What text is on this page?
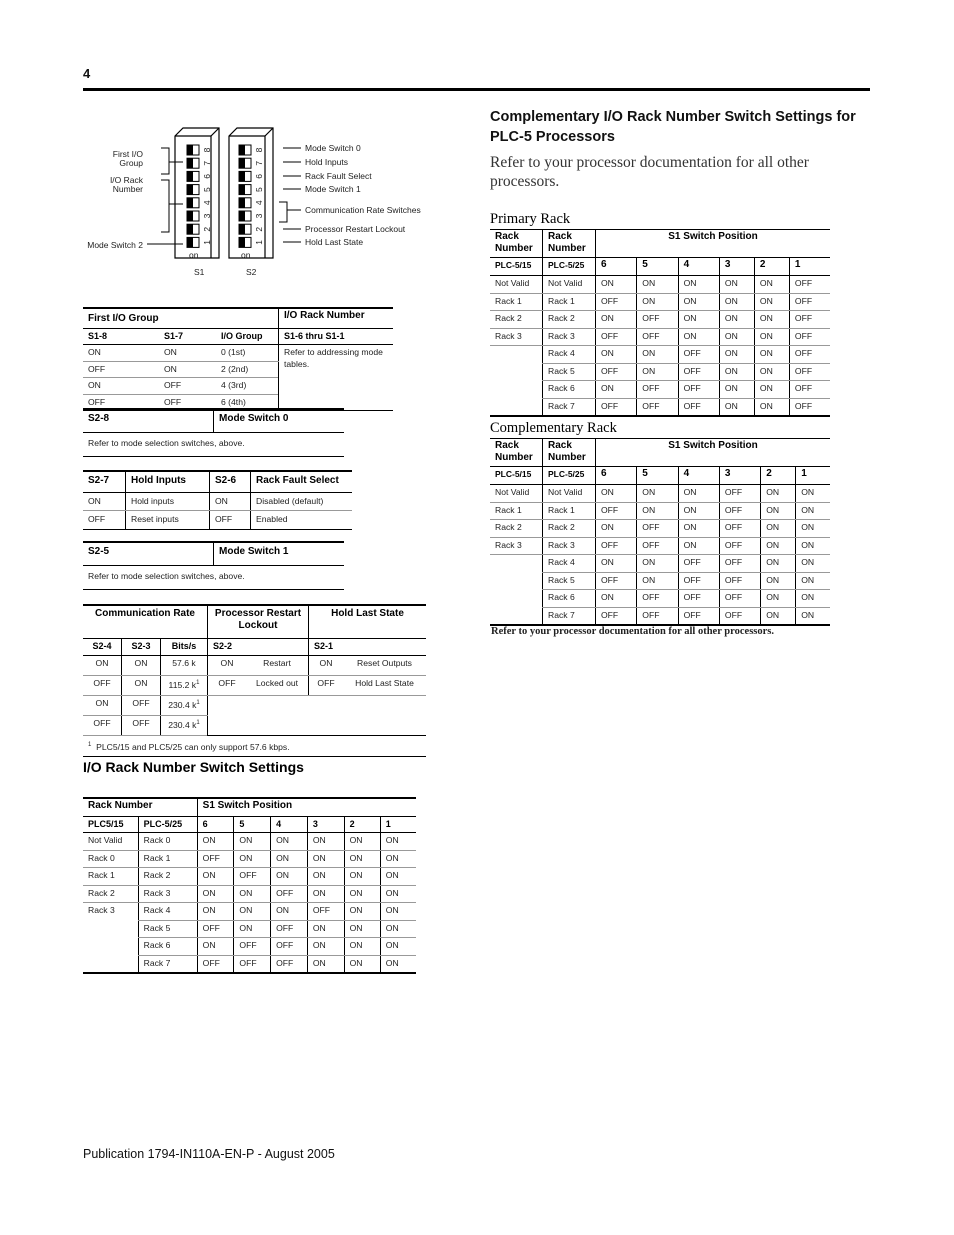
4
8
7
6
5
4
3
2
1
8
7
6
5
4
3
2
1
First I/O
Group
I/O Rack
Number
Mode Switch 2
Mode Switch 0
Hold Inputs
Rack Fault Select
Mode Switch 1
Communication Rate Switches
Processor Restart Lockout
Hold Last State
on	on
S1	S2
First I/O Group			I/O Rack Number
S1-8	S1-7	I/O Group	S1-6 thru S1-1
ON	ON	0 (1st)	Refer to addressing mode tables.
OFF	ON	2 (2nd)	
ON	OFF	4 (3rd)	
OFF	OFF	6 (4th)	
S2-8	Mode Switch 0
Refer to mode selection switches, above.
S2-7	Hold Inputs	S2-6	Rack Fault Select
ON	Hold inputs	ON	Disabled (default)
OFF	Reset inputs	OFF	Enabled
S2-5	Mode Switch 1
Refer to mode selection switches, above.
Communication Rate			Processor Restart Lockout		Hold Last State	
S2-4	S2-3	Bits/s	S2-2		S2-1	
ON	ON	57.6 k	ON	Restart	ON	Reset Outputs
OFF	ON	115.2 $k^1$	OFF	Locked out	OFF	Hold Last State
ON	OFF	230.4 $k^1$	
OFF	OFF	230.4 $k^1$
$^1$ PLC5/15 and PLC5/25 can only support 57.6 kbps.						
I/O Rack Number Switch Settings
Rack Number		S1 Switch Position					
PLC5/15	PLC-5/25	6	5	4	3	2	1
Not Valid	Rack 0	ON	ON	ON	ON	ON	ON
Rack 0	Rack 1	OFF	ON	ON	ON	ON	ON
Rack 1	Rack 2	ON	OFF	ON	ON	ON	ON
Rack 2	Rack 3	ON	ON	OFF	ON	ON	ON
Rack 3	Rack 4	ON	ON	ON	OFF	ON	ON
	Rack 5	OFF	ON	OFF	ON	ON	ON
	Rack 6	ON	OFF	OFF	ON	ON	ON
	Rack 7	OFF	OFF	OFF	ON	ON	ON
Complementary I/O Rack Number Switch Settings for PLC-5 Processors
Refer to your processor documentation for all other processors.
Primary Rack
Rack Number	Rack Number	S1 Switch Position					
PLC-5/15	PLC-5/25	6	5	4	3	2	1
Not Valid	Not Valid	ON	ON	ON	ON	ON	OFF
Rack 1	Rack 1	OFF	ON	ON	ON	ON	OFF
Rack 2	Rack 2	ON	OFF	ON	ON	ON	OFF
Rack 3	Rack 3	OFF	OFF	ON	ON	ON	OFF
	Rack 4	ON	ON	OFF	ON	ON	OFF
	Rack 5	OFF	ON	OFF	ON	ON	OFF
	Rack 6	ON	OFF	OFF	ON	ON	OFF
	Rack 7	OFF	OFF	OFF	ON	ON	OFF
Complementary Rack
Rack Number	Rack Number	S1 Switch Position					
PLC-5/15	PLC-5/25	6	5	4	3	2	1
Not Valid	Not Valid	ON	ON	ON	OFF	ON	ON
Rack 1	Rack 1	OFF	ON	ON	OFF	ON	ON
Rack 2	Rack 2	ON	OFF	ON	OFF	ON	ON
Rack 3	Rack 3	OFF	OFF	ON	OFF	ON	ON
	Rack 4	ON	ON	OFF	OFF	ON	ON
	Rack 5	OFF	ON	OFF	OFF	ON	ON
	Rack 6	ON	OFF	OFF	OFF	ON	ON
	Rack 7	OFF	OFF	OFF	OFF	ON	ON
Refer to your processor documentation for all other processors.
Publication 1794-IN110A-EN-P - August 2005
